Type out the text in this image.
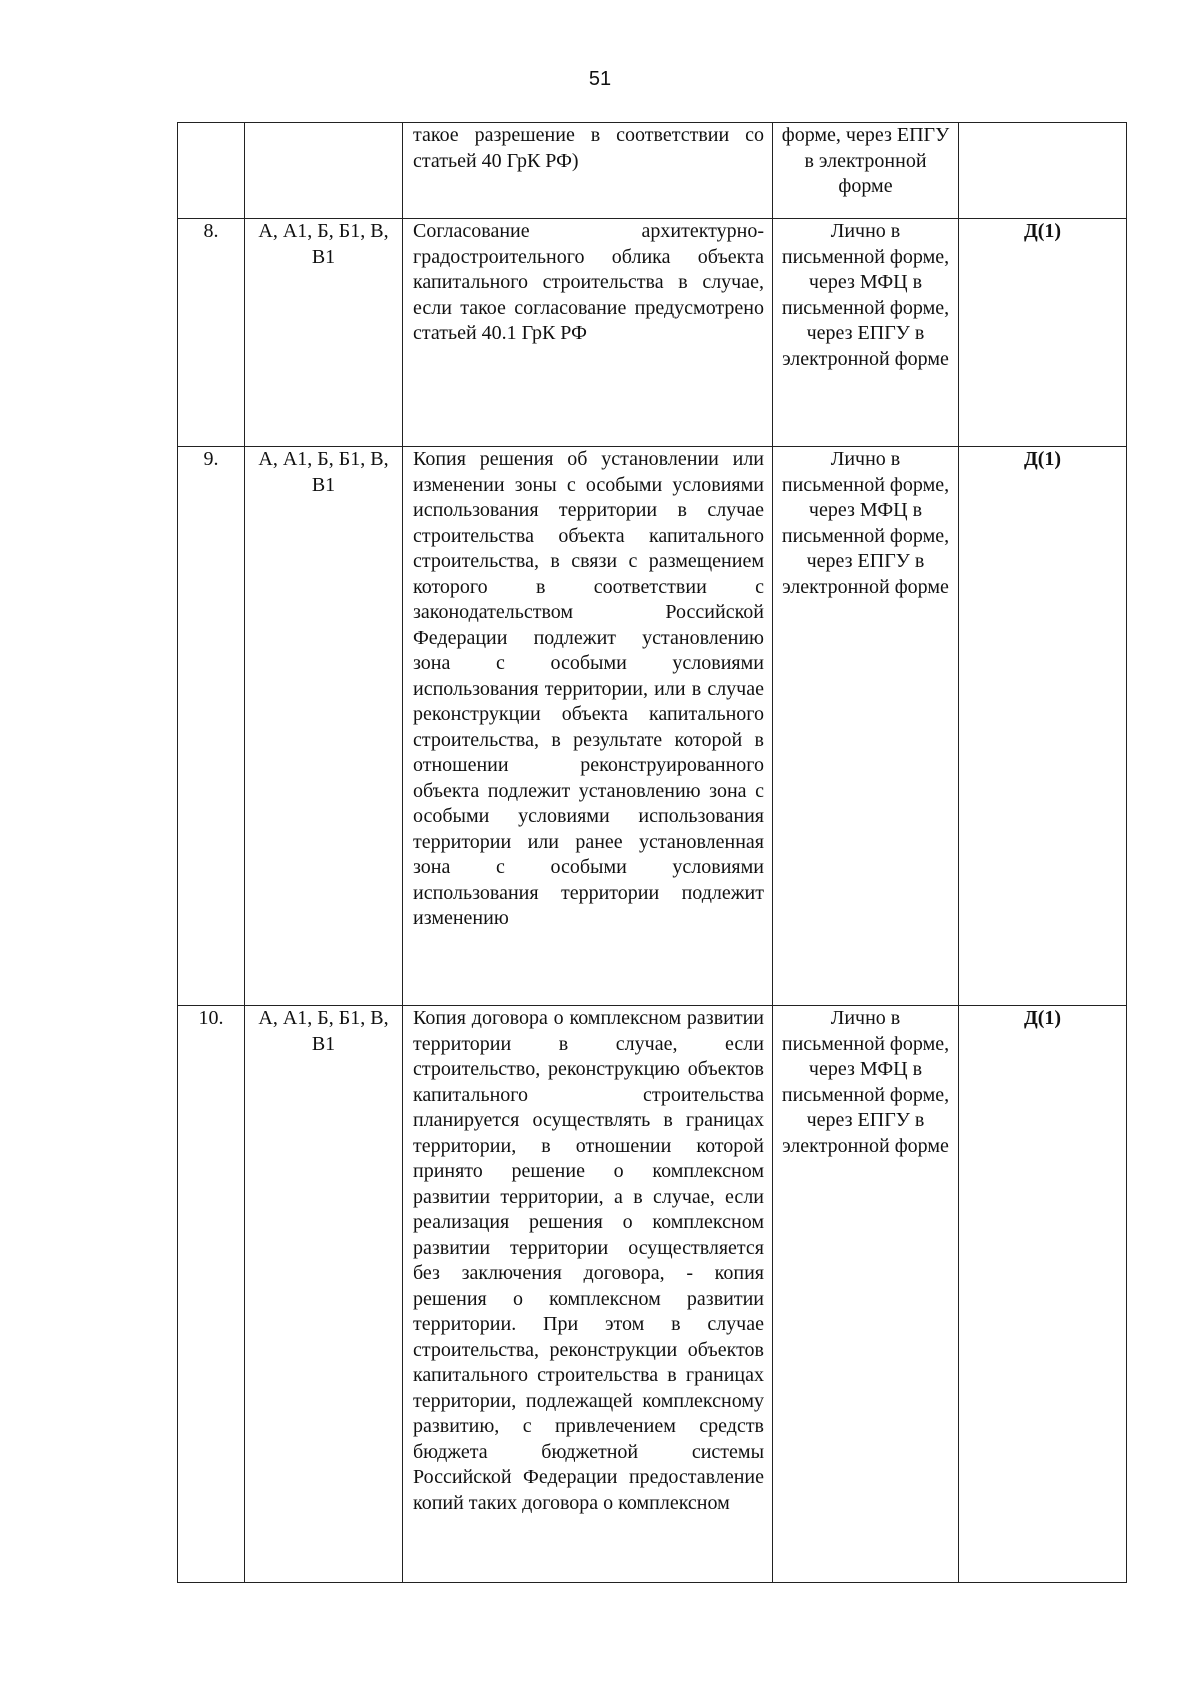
51

		такое разрешение в соответствии со статьей 40 ГрК РФ)	форме, через ЕПГУ в электронной форме	

8.	А, А1, Б, Б1, В, В1	Согласование архитектурно-градостроительного облика объекта капитального строительства в случае, если такое согласование предусмотрено статьей 40.1 ГрК РФ	Лично в письменной форме, через МФЦ в письменной форме, через ЕПГУ в электронной форме	Д(1)
9.	А, А1, Б, Б1, В, В1	Копия решения об установлении или изменении зоны с особыми условиями использования территории в случае строительства объекта капитального строительства, в связи с размещением которого в соответствии с законодательством Российской Федерации подлежит установлению зона с особыми условиями использования территории, или в случае реконструкции объекта капитального строительства, в результате которой в отношении реконструированного объекта подлежит установлению зона с особыми условиями использования территории или ранее установленная зона с особыми условиями использования территории подлежит изменению	Лично в письменной форме, через МФЦ в письменной форме, через ЕПГУ в электронной форме	Д(1)
10.	А, А1, Б, Б1, В, В1	Копия договора о комплексном развитии территории в случае, если строительство, реконструкцию объектов капитального строительства планируется осуществлять в границах территории, в отношении которой принято решение о комплексном развитии территории, а в случае, если реализация решения о комплексном развитии территории осуществляется без заключения договора, - копия решения о комплексном развитии территории. При этом в случае строительства, реконструкции объектов капитального строительства в границах территории, подлежащей комплексному развитию, с привлечением средств бюджета бюджетной системы Российской Федерации предоставление копий таких договора о комплексном	Лично в письменной форме, через МФЦ в письменной форме, через ЕПГУ в электронной форме	Д(1)
